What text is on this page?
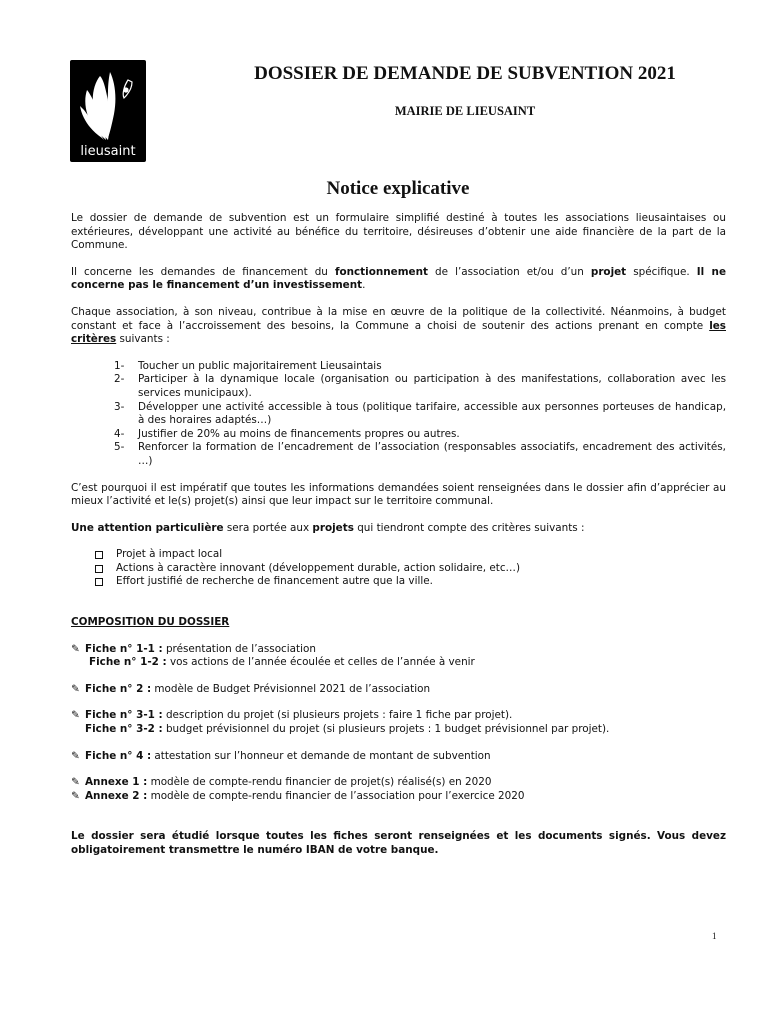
lieusaint
DOSSIER DE DEMANDE DE SUBVENTION 2021
MAIRIE DE LIEUSAINT
Notice explicative

Le dossier de demande de subvention est un formulaire simplifié destiné à toutes les associations lieusaintaises ou extérieures, développant une activité au bénéfice du territoire, désireuses d’obtenir une aide financière de la part de la Commune.

Il concerne les demandes de financement du fonctionnement de l’association et/ou d’un projet spécifique. Il ne concerne pas le financement d’un investissement.

Chaque association, à son niveau, contribue à la mise en œuvre de la politique de la collectivité. Néanmoins, à budget constant et face à l’accroissement des besoins, la Commune a choisi de soutenir des actions prenant en compte les critères suivants :

1- Toucher un public majoritairement Lieusaintais
2- Participer à la dynamique locale (organisation ou participation à des manifestations, collaboration avec les services municipaux).
3- Développer une activité accessible à tous (politique tarifaire, accessible aux personnes porteuses de handicap, à des horaires adaptés…)
4- Justifier de 20% au moins de financements propres ou autres.
5- Renforcer la formation de l’encadrement de l’association (responsables associatifs, encadrement des activités, …)

C’est pourquoi il est impératif que toutes les informations demandées soient renseignées dans le dossier afin d’apprécier au mieux l’activité et le(s) projet(s) ainsi que leur impact sur le territoire communal.

Une attention particulière sera portée aux projets qui tiendront compte des critères suivants :

Projet à impact local
Actions à caractère innovant (développement durable, action solidaire, etc…)
Effort justifié de recherche de financement autre que la ville.

COMPOSITION DU DOSSIER

✎ Fiche n° 1-1 : présentation de l’association
Fiche n° 1-2 : vos actions de l’année écoulée et celles de l’année à venir
✎ Fiche n° 2 : modèle de Budget Prévisionnel 2021 de l’association
✎ Fiche n° 3-1 : description du projet (si plusieurs projets : faire 1 fiche par projet).
Fiche n° 3-2 : budget prévisionnel du projet (si plusieurs projets : 1 budget prévisionnel par projet).
✎ Fiche n° 4 : attestation sur l’honneur et demande de montant de subvention
✎ Annexe 1 : modèle de compte-rendu financier de projet(s) réalisé(s) en 2020
✎ Annexe 2 : modèle de compte-rendu financier de l’association pour l’exercice 2020

Le dossier sera étudié lorsque toutes les fiches seront renseignées et les documents signés. Vous devez obligatoirement transmettre le numéro IBAN de votre banque.

1
